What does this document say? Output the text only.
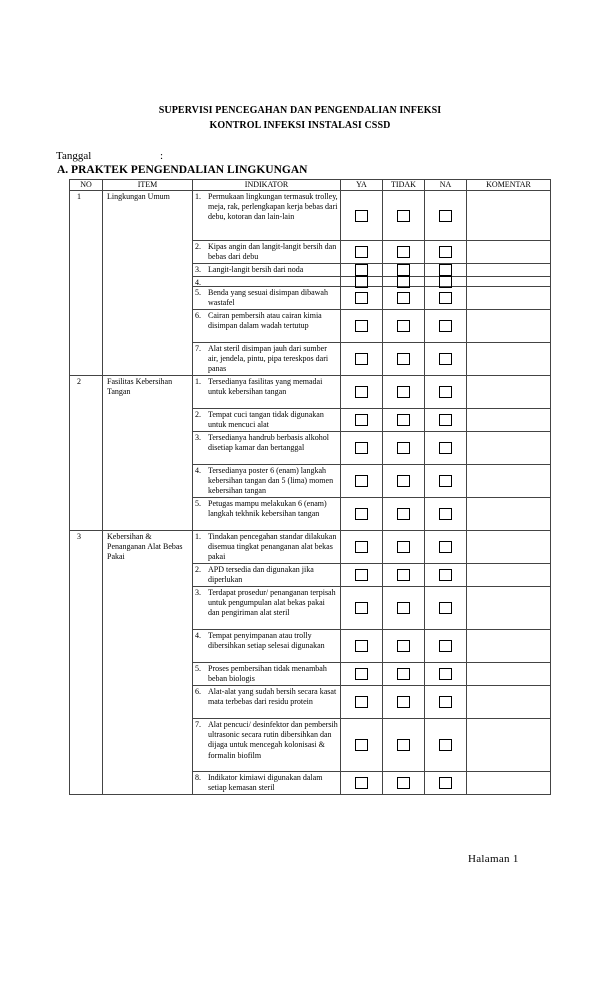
SUPERVISI PENCEGAHAN DAN PENGENDALIAN INFEKSI
KONTROL INFEKSI INSTALASI CSSD
Tanggal	:
A. PRAKTEK PENGENDALIAN LINGKUNGAN
NO	ITEM	INDIKATOR	YA	TIDAK	NA	KOMENTAR
1	Lingkungan Umum	1. Permukaan lingkungan termasuk trolley, meja, rak, perlengkapan kerja bebas dari debu, kotoran dan lain-lain				

		2. Kipas angin dan langit-langit bersih dan bebas dari debu				

		3. Langit-langit bersih dari noda				

		4.				

		5. Benda yang sesuai disimpan dibawah wastafel				

		6. Cairan pembersih atau cairan kimia disimpan dalam wadah tertutup				

		7. Alat steril disimpan jauh dari sumber air, jendela, pintu, pipa tereskpos dari panas				

2	Fasilitas Kebersihan Tangan	1. Tersedianya fasilitas yang memadai untuk kebersihan tangan				

		2. Tempat cuci tangan tidak digunakan untuk mencuci alat				

		3. Tersedianya handrub berbasis alkohol disetiap kamar dan bertanggal				

		4. Tersedianya poster 6 (enam) langkah kebersihan tangan dan 5 (lima) momen kebersihan tangan				

		5. Petugas mampu melakukan 6 (enam) langkah tekhnik kebersihan tangan				

3	Kebersihan & Penanganan Alat Bebas Pakai	1. Tindakan pencegahan standar dilakukan disemua tingkat penanganan alat bekas pakai				

		2. APD tersedia dan digunakan jika diperlukan				

		3. Terdapat prosedur/ penanganan terpisah untuk pengumpulan alat bekas pakai dan pengiriman alat steril				

		4. Tempat penyimpanan atau trolly dibersihkan setiap selesai digunakan				

		5. Proses pembersihan tidak menambah beban biologis				

		6. Alat-alat yang sudah bersih secara kasat mata terbebas dari residu protein				

		7. Alat pencuci/ desinfektor dan pembersih ultrasonic secara rutin dibersihkan dan dijaga untuk mencegah kolonisasi & formalin biofilm				

		8. Indikator kimiawi digunakan dalam setiap kemasan steril				

Halaman 1
